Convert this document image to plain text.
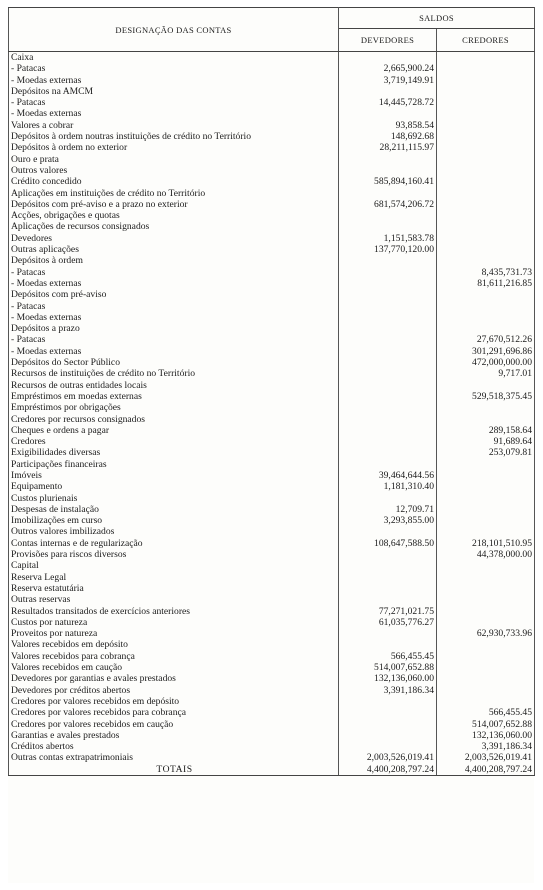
DESIGNAÇÃO DAS CONTAS	SALDOS	
	DEVEDORES	CREDORES
Caixa		
- Patacas	2,665,900.24	
- Moedas externas	3,719,149.91	
Depósitos na AMCM		
- Patacas	14,445,728.72	
- Moedas externas		
Valores a cobrar	93,858.54	
Depósitos à ordem noutras instituições de crédito no Território	148,692.68	
Depósitos à ordem no exterior	28,211,115.97	
Ouro e prata		
Outros valores		
Crédito concedido	585,894,160.41	
Aplicações em instituições de crédito no Território		
Depósitos com pré-aviso e a prazo no exterior	681,574,206.72	
Acções, obrigações e quotas		
Aplicações de recursos consignados		
Devedores	1,151,583.78	
Outras aplicações	137,770,120.00	
Depósitos à ordem		
- Patacas		8,435,731.73
- Moedas externas		81,611,216.85
Depósitos com pré-aviso		
- Patacas		
- Moedas externas		
Depósitos a prazo		
- Patacas		27,670,512.26
- Moedas externas		301,291,696.86
Depósitos do Sector Público		472,000,000.00
Recursos de instituições de crédito no Território		9,717.01
Recursos de outras entidades locais		
Empréstimos em moedas externas		529,518,375.45
Empréstimos por obrigações		
Credores por recursos consignados		
Cheques e ordens a pagar		289,158.64
Credores		91,689.64
Exigibilidades diversas		253,079.81
Participações financeiras		
Imóveis	39,464,644.56	
Equipamento	1,181,310.40	
Custos plurienais		
Despesas de instalação	12,709.71	
Imobilizações em curso	3,293,855.00	
Outros valores imbilizados		
Contas internas e de regularização	108,647,588.50	218,101,510.95
Provisões para riscos diversos		44,378,000.00
Capital		
Reserva Legal		
Reserva estatutária		
Outras reservas		
Resultados transitados de exercícios anteriores	77,271,021.75	
Custos por natureza	61,035,776.27	
Proveitos por natureza		62,930,733.96
Valores recebidos em depósito		
Valores recebidos para cobrança	566,455.45	
Valores recebidos em caução	514,007,652.88	
Devedores por garantias e avales prestados	132,136,060.00	
Devedores por créditos abertos	3,391,186.34	
Credores por valores recebidos em depósito		
Credores por valores recebidos para cobrança		566,455.45
Credores por valores recebidos em caução		514,007,652.88
Garantias e avales prestados		132,136,060.00
Créditos abertos		3,391,186.34
Outras contas extrapatrimoniais	2,003,526,019.41	2,003,526,019.41
TOTAIS	4,400,208,797.24	4,400,208,797.24
